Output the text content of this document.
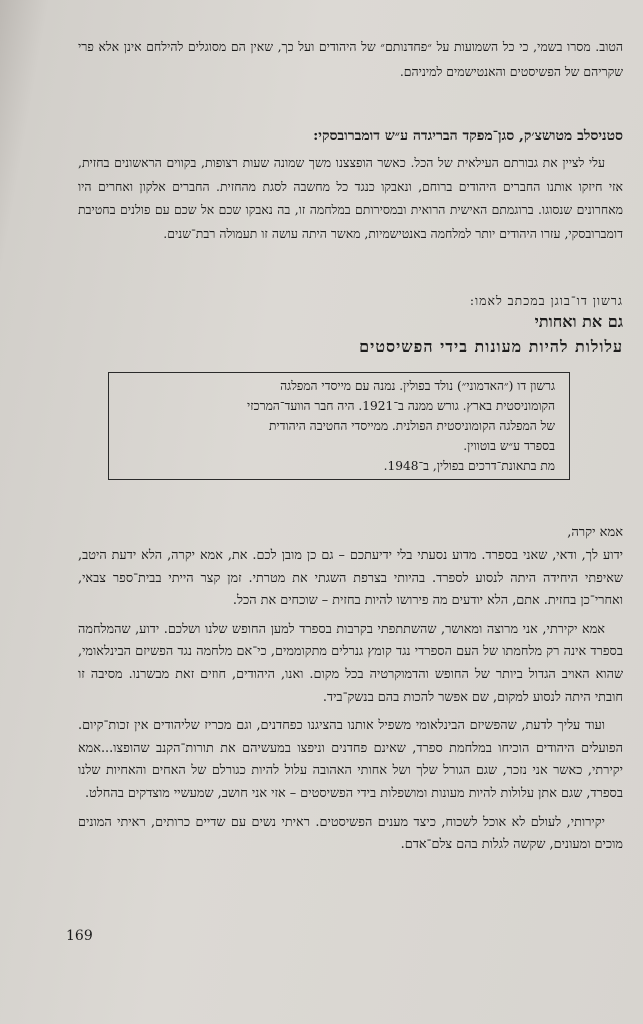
הטוב. מסרו בשמי, כי כל השמועות על ״פחדנותם״ של היהודים ועל כך, שאין הם מסוגלים להילחם אינן אלא פרי שקריהם של הפשיסטים והאנטישמים למיניהם.
סטניסלב מטושצ׳ק, סגן־מפקד הבריגדה ע״ש דומברובסקי:
עלי לציין את גבורתם העילאית של הכל. כאשר הופצצנו משך שמונה שעות רצופות, בקווים הראשונים בחזית, אזי חיזקו אותנו החברים היהודים ברוחם, ונאבקו כנגד כל מחשבה לסגת מהחזית. החברים אלקון ואחרים היו מאחרונים שנסוגו. ברוגמתם האישית הרואית ובמסירותם במלחמה זו, בה נאבקו שכם אל שכם עם פולנים בחטיבת דומברובסקי, עזרו היהודים יותר למלחמה באנטישמיות, מאשר היתה עושה זו תעמולה רבת־שנים.
גרשון דו־בוגן במכתב לאמו:
גם את ואחותי
עלולות להיות מעונות בידי הפשיסטים
גרשון דו (״האדמוני״) נולד בפולין. נמנה עם מייסדי המפלגה
הקומוניסטית בארץ. גורש ממנה ב־1921. היה חבר הוועד־המרכזי
של המפלגה הקומוניסטית הפולנית. ממייסדי החטיבה היהודית
בספרד ע״ש בוטווין.
מת בתאונת־דרכים בפולין, ב־1948.
אמא יקרה,

ידוע לך, ודאי, שאני בספרד. מדוע נסעתי בלי ידיעתכם – גם כן מובן לכם. את, אמא יקרה, הלא ידעת היטב, שאיפתי היחידה היתה לנסוע לספרד. בהיותי בצרפת השגתי את מטרתי. זמן קצר הייתי בבית־ספר צבאי, ואחרי־כן בחזית. אתם, הלא יודעים מה פירושו להיות בחזית – שוכחים את הכל.

אמא יקירתי, אני מרוצה ומאושר, שהשתתפתי בקרבות בספרד למען החופש שלנו ושלכם. ידוע, שהמלחמה בספרד אינה רק מלחמתו של העם הספרדי נגד קומץ גנרלים מתקוממים, כי־אם מלחמה נגד הפשיזם הבינלאומי, שהוא האויב הגדול ביותר של החופש והדמוקרטיה בכל מקום. ואנו, היהודים, חוזים זאת מבשרנו. מסיבה זו חובתי היתה לנסוע למקום, שם אפשר להכות בהם בנשק־ביד.

ועוד עליך לדעת, שהפשיזם הבינלאומי משפיל אותנו בהציגנו כפחדנים, וגם מכריז שליהודים אין זכות־קיום. הפועלים היהודים הוכיחו במלחמת ספרד, שאינם פחדנים וניפצו במעשיהם את תורות־הקנב שהופצו...אמא יקירתי, כאשר אני נזכר, שגם הגורל שלך ושל אחותי האהובה עלול להיות כגורלם של האחים והאחיות שלנו בספרד, שגם אתן עלולות להיות מעונות ומושפלות בידי הפשיסטים – אזי אני חושב, שמעשיי מוצדקים בהחלט.

יקירותי, לעולם לא אוכל לשכוח, כיצד מענים הפשיסטים. ראיתי נשים עם שדיים כרותים, ראיתי המונים מוכים ומעונים, שקשה לגלות בהם צלם־אדם.

169
